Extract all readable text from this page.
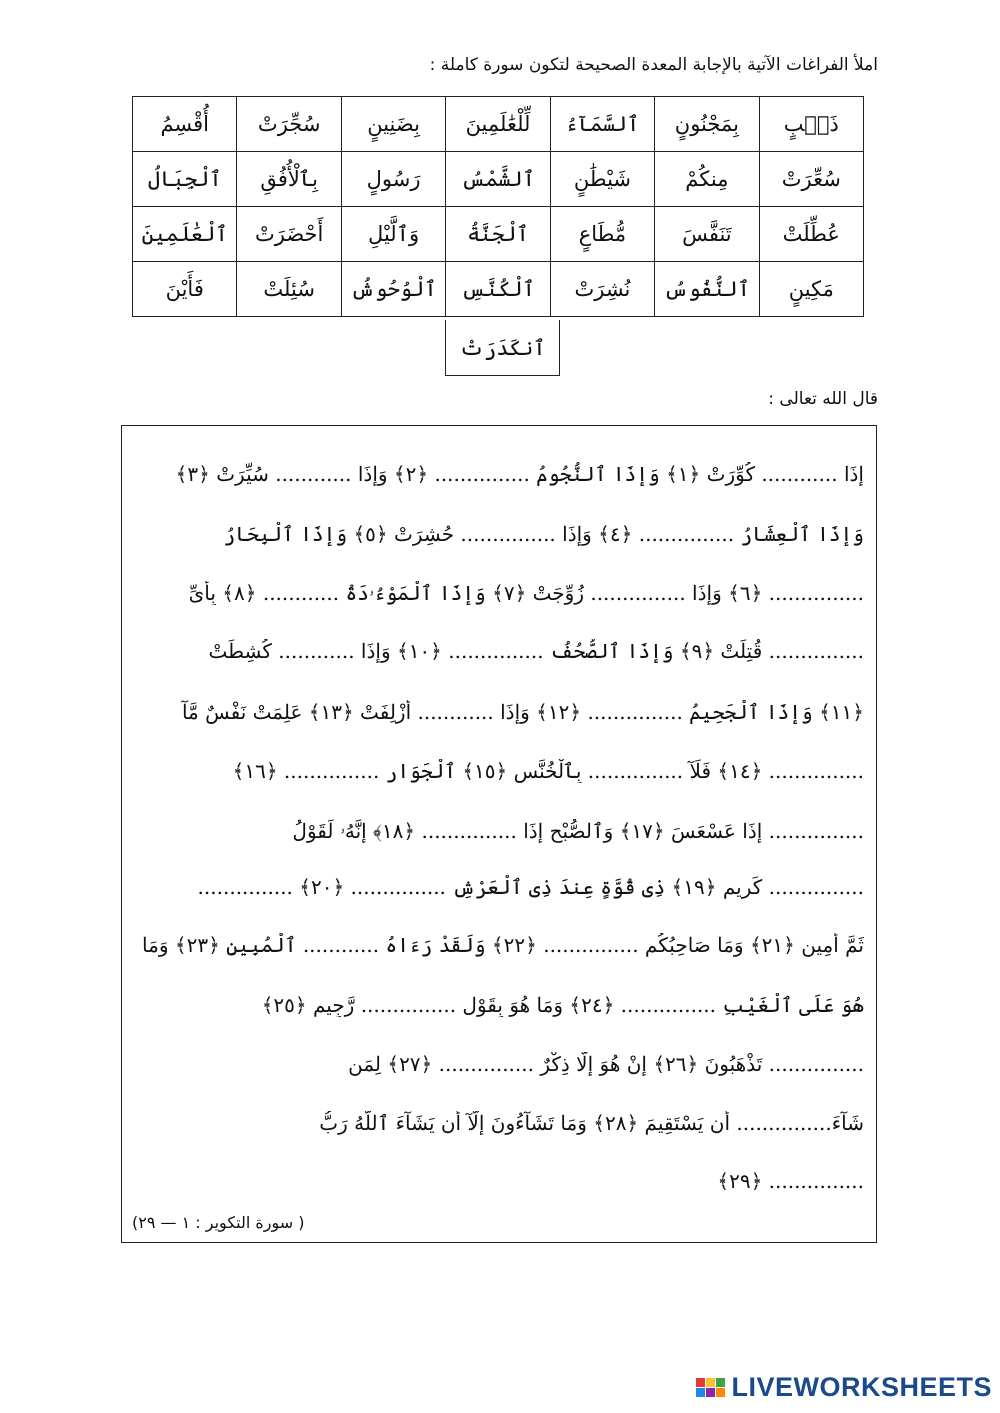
املأ الفراغات الآتية بالإجابة المعدة الصحيحة لتكون سورة كاملة :
ذَنۢبٍ	بِمَجْنُونٍ	ٱلسَّمَآءُ	لِّلْعَٰلَمِينَ	بِضَنِينٍ	سُجِّرَتْ	أُقْسِمُ
سُعِّرَتْ	مِنكُمْ	شَيْطَٰنٍ	ٱلشَّمْسُ	رَسُولٍ	بِٱلْأُفُقِ	ٱلْجِبَالُ
عُطِّلَتْ	تَنَفَّسَ	مُّطَاعٍ	ٱلْجَنَّةُ	وَٱلَّيْلِ	أَحْضَرَتْ	ٱلْعَٰلَمِينَ
مَكِينٍ	ٱلنُّفُوسُ	نُشِرَتْ	ٱلْكُنَّسِ	ٱلْوُحُوشُ	سُئِلَتْ	فَأَيْنَ
ٱنكَدَرَتْ
قال الله تعالى :
إِذَا ............ كُوِّرَتْ ﴿١﴾ وَإِذَا ٱلنُّجُومُ ............... ﴿٢﴾ وَإِذَا ............ سُيِّرَتْ ﴿٣﴾
وَإِذَا ٱلْعِشَارُ ............... ﴿٤﴾ وَإِذَا ............... حُشِرَتْ ﴿٥﴾ وَإِذَا ٱلْبِحَارُ
............... ﴿٦﴾ وَإِذَا ............... زُوِّجَتْ ﴿٧﴾ وَإِذَا ٱلْمَوْءُۥدَةُ ............ ﴿٨﴾ بِأَىِّ
............... قُتِلَتْ ﴿٩﴾ وَإِذَا ٱلصُّحُفُ ............... ﴿١٠﴾ وَإِذَا ............ كُشِطَتْ
﴿١١﴾ وَإِذَا ٱلْجَحِيمُ ............... ﴿١٢﴾ وَإِذَا ............ أُزْلِفَتْ ﴿١٣﴾ عَلِمَتْ نَفْسٌ مَّآ
............... ﴿١٤﴾ فَلَآ ............... بِٱلْخُنَّسِ ﴿١٥﴾ ٱلْجَوَارِ ............... ﴿١٦﴾
............... إِذَا عَسْعَسَ ﴿١٧﴾ وَٱلصُّبْحِ إِذَا ............... ﴿١٨﴾ إِنَّهُۥ لَقَوْلُ
............... كَرِيمٍ ﴿١٩﴾ ذِى قُوَّةٍ عِندَ ذِى ٱلْعَرْشِ ............... ﴿٢٠﴾ ...............
ثَمَّ أَمِينٍ ﴿٢١﴾ وَمَا صَاحِبُكُم ............... ﴿٢٢﴾ وَلَقَدْ رَءَاهُ ............ ٱلْمُبِينِ ﴿٢٣﴾ وَمَا
هُوَ عَلَى ٱلْغَيْبِ ............... ﴿٢٤﴾ وَمَا هُوَ بِقَوْلِ ............... رَّجِيمٍ ﴿٢٥﴾
............... تَذْهَبُونَ ﴿٢٦﴾ إِنْ هُوَ إِلَّا ذِكْرٌ ............... ﴿٢٧﴾ لِمَن
شَآءَ............... أَن يَسْتَقِيمَ ﴿٢٨﴾ وَمَا تَشَآءُونَ إِلَّآ أَن يَشَآءَ ٱللَّهُ رَبُّ
............... ﴿٢٩﴾
( سورة التكوير : ١ — ٢٩)
LIVEWORKSHEETS
